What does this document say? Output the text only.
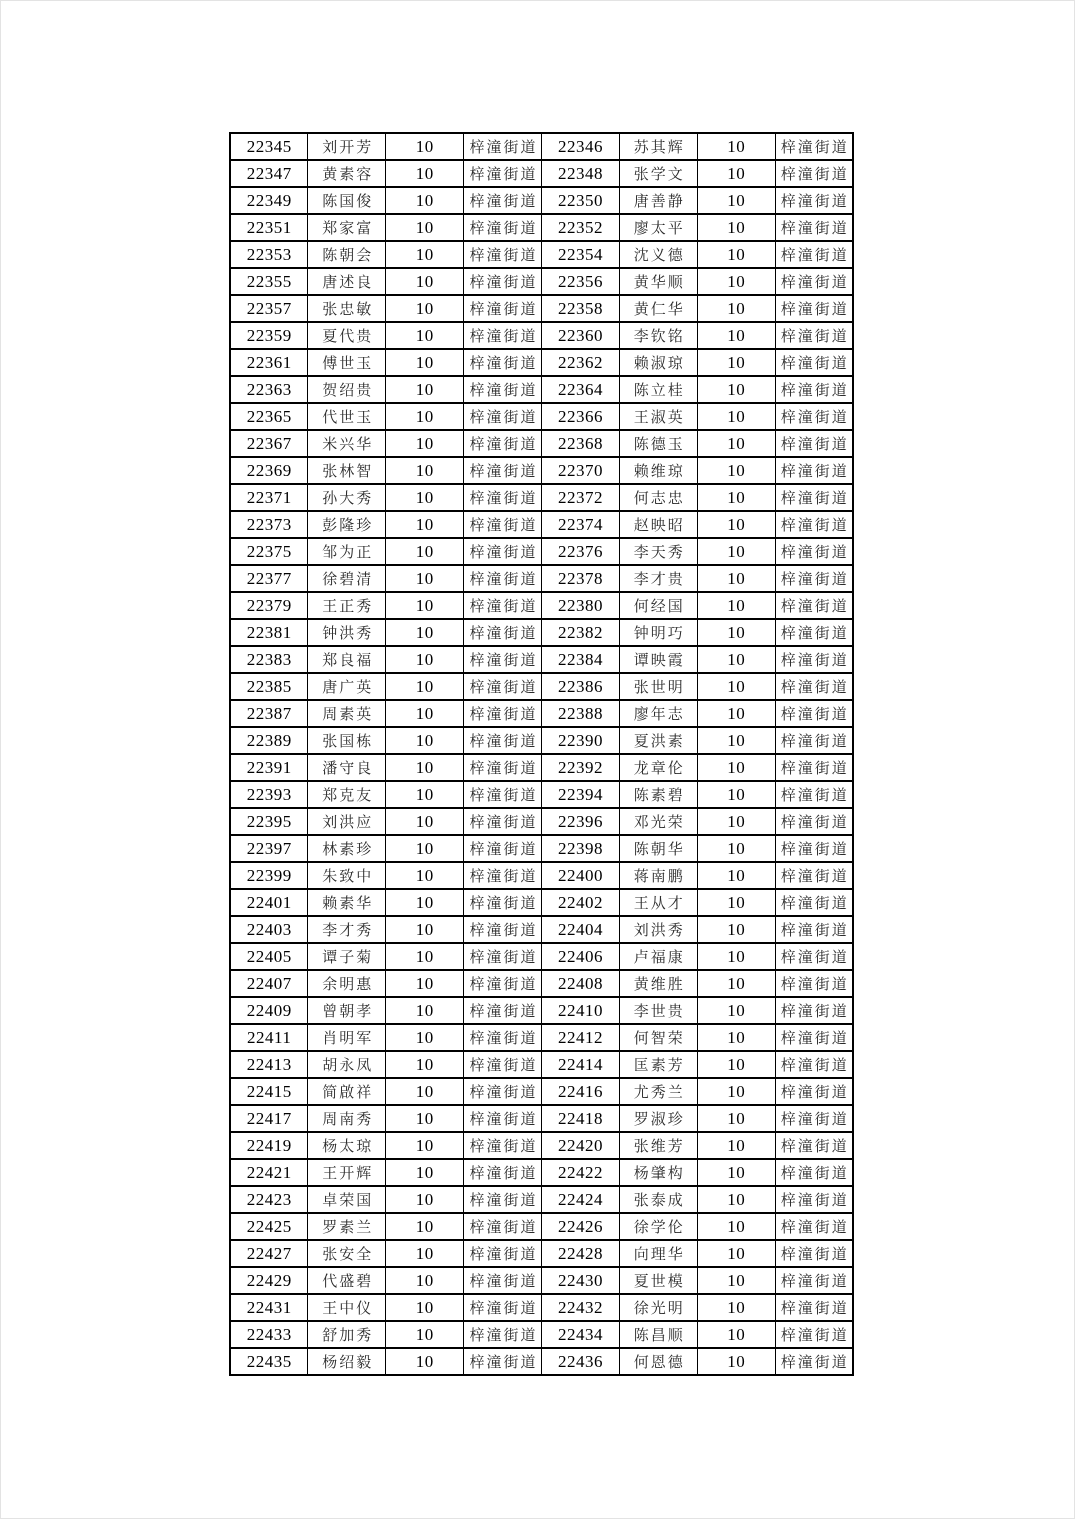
22345	刘开芳	10	梓潼街道	22346	苏其辉	10	梓潼街道
22347	黄素容	10	梓潼街道	22348	张学文	10	梓潼街道
22349	陈国俊	10	梓潼街道	22350	唐善静	10	梓潼街道
22351	郑家富	10	梓潼街道	22352	廖太平	10	梓潼街道
22353	陈朝会	10	梓潼街道	22354	沈义德	10	梓潼街道
22355	唐述良	10	梓潼街道	22356	黄华顺	10	梓潼街道
22357	张忠敏	10	梓潼街道	22358	黄仁华	10	梓潼街道
22359	夏代贵	10	梓潼街道	22360	李钦铭	10	梓潼街道
22361	傅世玉	10	梓潼街道	22362	赖淑琼	10	梓潼街道
22363	贺绍贵	10	梓潼街道	22364	陈立桂	10	梓潼街道
22365	代世玉	10	梓潼街道	22366	王淑英	10	梓潼街道
22367	米兴华	10	梓潼街道	22368	陈德玉	10	梓潼街道
22369	张林智	10	梓潼街道	22370	赖维琼	10	梓潼街道
22371	孙大秀	10	梓潼街道	22372	何志忠	10	梓潼街道
22373	彭隆珍	10	梓潼街道	22374	赵映昭	10	梓潼街道
22375	邹为正	10	梓潼街道	22376	李天秀	10	梓潼街道
22377	徐碧清	10	梓潼街道	22378	李才贵	10	梓潼街道
22379	王正秀	10	梓潼街道	22380	何经国	10	梓潼街道
22381	钟洪秀	10	梓潼街道	22382	钟明巧	10	梓潼街道
22383	郑良福	10	梓潼街道	22384	谭映霞	10	梓潼街道
22385	唐广英	10	梓潼街道	22386	张世明	10	梓潼街道
22387	周素英	10	梓潼街道	22388	廖年志	10	梓潼街道
22389	张国栋	10	梓潼街道	22390	夏洪素	10	梓潼街道
22391	潘守良	10	梓潼街道	22392	龙章伦	10	梓潼街道
22393	郑克友	10	梓潼街道	22394	陈素碧	10	梓潼街道
22395	刘洪应	10	梓潼街道	22396	邓光荣	10	梓潼街道
22397	林素珍	10	梓潼街道	22398	陈朝华	10	梓潼街道
22399	朱致中	10	梓潼街道	22400	蒋南鹏	10	梓潼街道
22401	赖素华	10	梓潼街道	22402	王从才	10	梓潼街道
22403	李才秀	10	梓潼街道	22404	刘洪秀	10	梓潼街道
22405	谭子菊	10	梓潼街道	22406	卢福康	10	梓潼街道
22407	余明惠	10	梓潼街道	22408	黄维胜	10	梓潼街道
22409	曾朝孝	10	梓潼街道	22410	李世贵	10	梓潼街道
22411	肖明军	10	梓潼街道	22412	何智荣	10	梓潼街道
22413	胡永凤	10	梓潼街道	22414	匡素芳	10	梓潼街道
22415	简啟祥	10	梓潼街道	22416	尤秀兰	10	梓潼街道
22417	周南秀	10	梓潼街道	22418	罗淑珍	10	梓潼街道
22419	杨太琼	10	梓潼街道	22420	张维芳	10	梓潼街道
22421	王开辉	10	梓潼街道	22422	杨肇构	10	梓潼街道
22423	卓荣国	10	梓潼街道	22424	张泰成	10	梓潼街道
22425	罗素兰	10	梓潼街道	22426	徐学伦	10	梓潼街道
22427	张安全	10	梓潼街道	22428	向理华	10	梓潼街道
22429	代盛碧	10	梓潼街道	22430	夏世模	10	梓潼街道
22431	王中仪	10	梓潼街道	22432	徐光明	10	梓潼街道
22433	舒加秀	10	梓潼街道	22434	陈昌顺	10	梓潼街道
22435	杨绍毅	10	梓潼街道	22436	何恩德	10	梓潼街道
